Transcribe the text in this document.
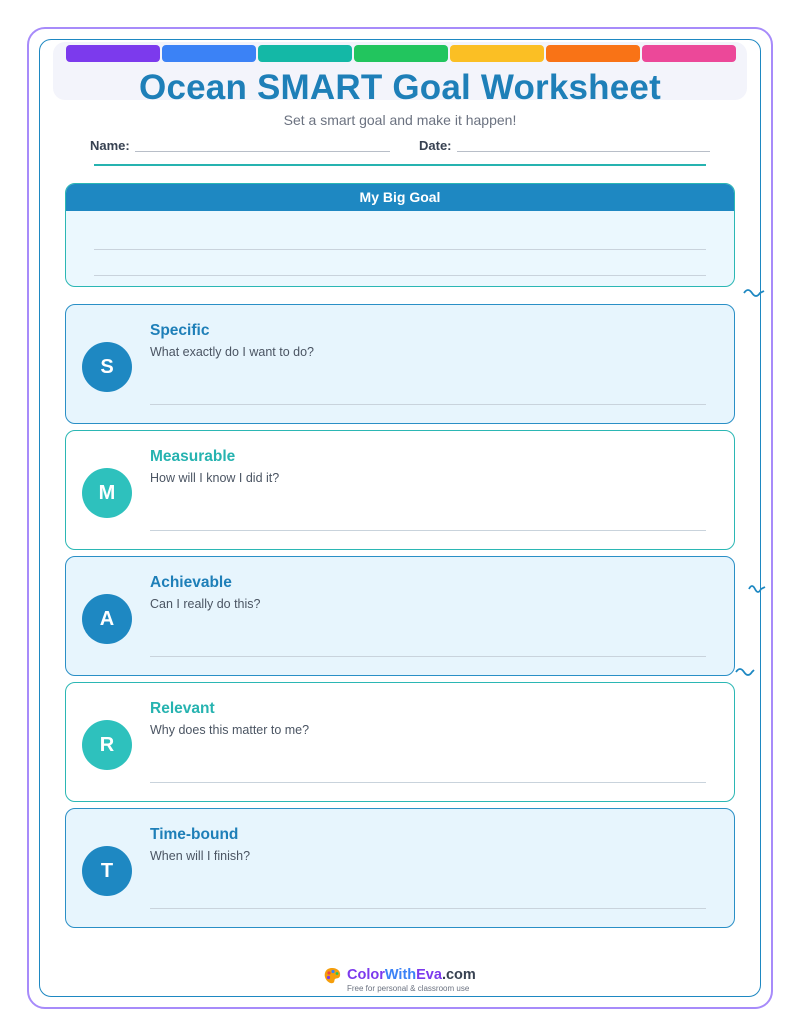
Ocean SMART Goal Worksheet
Set a smart goal and make it happen!
Name:	Date:
My Big Goal
S
Specific
What exactly do I want to do?
M
Measurable
How will I know I did it?
A
Achievable
Can I really do this?
R
Relevant
Why does this matter to me?
T
Time-bound
When will I finish?
ColorWithEva.com
Free for personal & classroom use
